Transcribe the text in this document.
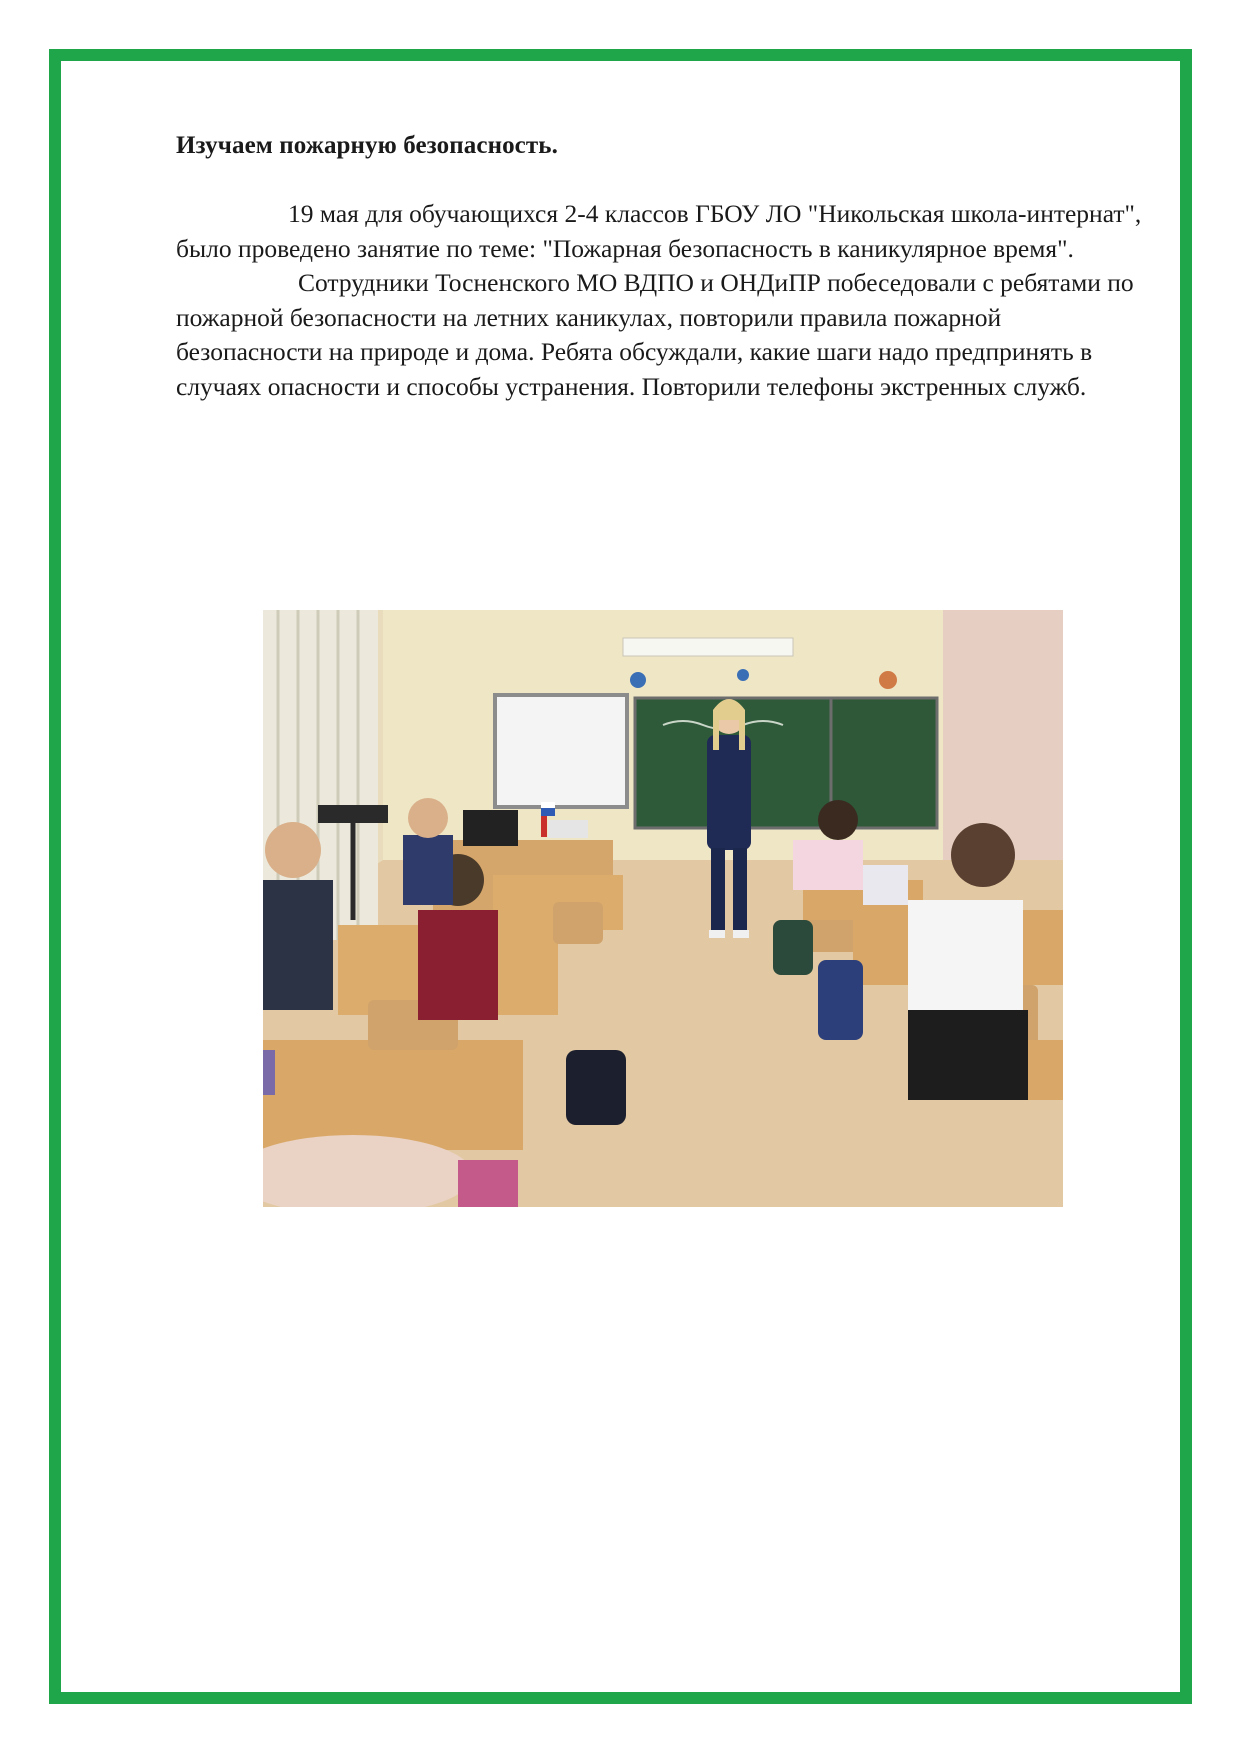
Изучаем пожарную безопасность.

19 мая для обучающихся 2-4 классов ГБОУ ЛО "Никольская школа-интернат", было проведено занятие по теме: "Пожарная безопасность в каникулярное время".

Сотрудники Тосненского МО ВДПО и ОНДиПР побеседовали с ребятами по пожарной безопасности на летних каникулах, повторили правила пожарной безопасности на природе и дома. Ребята обсуждали, какие шаги надо предпринять в случаях опасности и способы устранения. Повторили телефоны экстренных служб.
